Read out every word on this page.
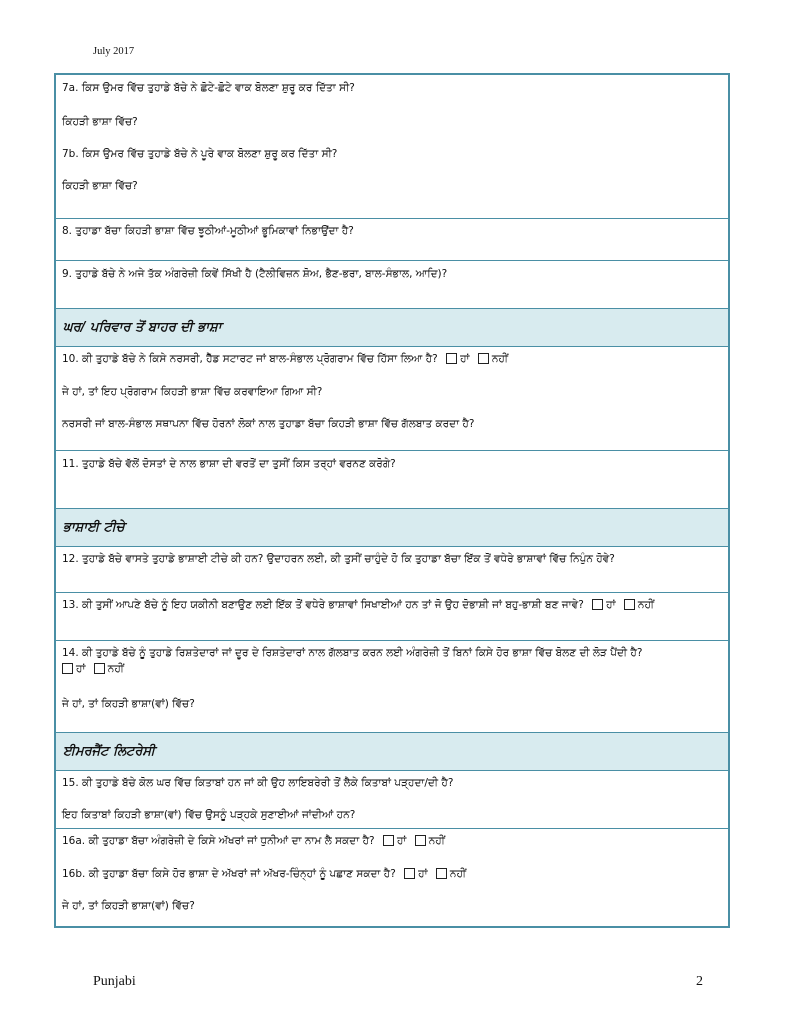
July 2017
7a. ਕਿਸ ਉਮਰ ਵਿੱਚ ਤੁਹਾਡੇ ਬੱਚੇ ਨੇ ਛੋਟੇ-ਛੋਟੇ ਵਾਕ ਬੋਲਣਾ ਸ਼ੁਰੂ ਕਰ ਦਿੱਤਾ ਸੀ?
ਕਿਹੜੀ ਭਾਸ਼ਾ ਵਿੱਚ?
7b. ਕਿਸ ਉਮਰ ਵਿੱਚ ਤੁਹਾਡੇ ਬੱਚੇ ਨੇ ਪੂਰੇ ਵਾਕ ਬੋਲਣਾ ਸ਼ੁਰੂ ਕਰ ਦਿੱਤਾ ਸੀ?
ਕਿਹੜੀ ਭਾਸ਼ਾ ਵਿੱਚ?
8. ਤੁਹਾਡਾ ਬੱਚਾ ਕਿਹੜੀ ਭਾਸ਼ਾ ਵਿੱਚ ਝੂਠੀਆਂ-ਮੂਠੀਆਂ ਭੂਮਿਕਾਵਾਂ ਨਿਭਾਉਂਦਾ ਹੈ?
9. ਤੁਹਾਡੇ ਬੱਚੇ ਨੇ ਅਜੇ ਤੱਕ ਅੰਗਰੇਜ਼ੀ ਕਿਵੇਂ ਸਿੱਖੀ ਹੈ (ਟੈਲੀਵਿਜ਼ਨ ਸ਼ੋਅ, ਭੈਣ-ਭਰਾ, ਬਾਲ-ਸੰਭਾਲ, ਆਦਿ)?
ਘਰ/ ਪਰਿਵਾਰ ਤੋਂ ਬਾਹਰ ਦੀ ਭਾਸ਼ਾ
10. ਕੀ ਤੁਹਾਡੇ ਬੱਚੇ ਨੇ ਕਿਸੇ ਨਰਸਰੀ, ਹੈੱਡ ਸਟਾਰਟ ਜਾਂ ਬਾਲ-ਸੰਭਾਲ ਪ੍ਰੋਗਰਾਮ ਵਿੱਚ ਹਿੱਸਾ ਲਿਆ ਹੈ? ਹਾਂ ਨਹੀਂ
ਜੇ ਹਾਂ, ਤਾਂ ਇਹ ਪ੍ਰੋਗਰਾਮ ਕਿਹੜੀ ਭਾਸ਼ਾ ਵਿੱਚ ਕਰਵਾਇਆ ਗਿਆ ਸੀ?
ਨਰਸਰੀ ਜਾਂ ਬਾਲ-ਸੰਭਾਲ ਸਥਾਪਨਾ ਵਿੱਚ ਹੋਰਨਾਂ ਲੋਕਾਂ ਨਾਲ ਤੁਹਾਡਾ ਬੱਚਾ ਕਿਹੜੀ ਭਾਸ਼ਾ ਵਿੱਚ ਗੱਲਬਾਤ ਕਰਦਾ ਹੈ?
11. ਤੁਹਾਡੇ ਬੱਚੇ ਵੱਲੋਂ ਦੋਸਤਾਂ ਦੇ ਨਾਲ ਭਾਸ਼ਾ ਦੀ ਵਰਤੋਂ ਦਾ ਤੁਸੀਂ ਕਿਸ ਤਰ੍ਹਾਂ ਵਰਨਣ ਕਰੋਗੇ?
ਭਾਸ਼ਾਈ ਟੀਚੇ
12. ਤੁਹਾਡੇ ਬੱਚੇ ਵਾਸਤੇ ਤੁਹਾਡੇ ਭਾਸ਼ਾਈ ਟੀਚੇ ਕੀ ਹਨ? ਉਦਾਹਰਨ ਲਈ, ਕੀ ਤੁਸੀਂ ਚਾਹੁੰਦੇ ਹੋ ਕਿ ਤੁਹਾਡਾ ਬੱਚਾ ਇੱਕ ਤੋਂ ਵਧੇਰੇ ਭਾਸ਼ਾਵਾਂ ਵਿੱਚ ਨਿਪੁੰਨ ਹੋਵੇ?
13. ਕੀ ਤੁਸੀਂ ਆਪਣੇ ਬੱਚੇ ਨੂੰ ਇਹ ਯਕੀਨੀ ਬਣਾਉਣ ਲਈ ਇੱਕ ਤੋਂ ਵਧੇਰੇ ਭਾਸ਼ਾਵਾਂ ਸਿਖਾਈਆਂ ਹਨ ਤਾਂ ਜੋ ਉਹ ਦੋਭਾਸ਼ੀ ਜਾਂ ਬਹੁ-ਭਾਸ਼ੀ ਬਣ ਜਾਵੇ? ਹਾਂ ਨਹੀਂ
14. ਕੀ ਤੁਹਾਡੇ ਬੱਚੇ ਨੂੰ ਤੁਹਾਡੇ ਰਿਸ਼ਤੇਦਾਰਾਂ ਜਾਂ ਦੂਰ ਦੇ ਰਿਸ਼ਤੇਦਾਰਾਂ ਨਾਲ ਗੱਲਬਾਤ ਕਰਨ ਲਈ ਅੰਗਰੇਜ਼ੀ ਤੋਂ ਬਿਨਾਂ ਕਿਸੇ ਹੋਰ ਭਾਸ਼ਾ ਵਿੱਚ ਬੋਲਣ ਦੀ ਲੋੜ ਪੈਂਦੀ ਹੈ?
ਹਾਂ ਨਹੀਂ
ਜੇ ਹਾਂ, ਤਾਂ ਕਿਹੜੀ ਭਾਸ਼ਾ(ਵਾਂ) ਵਿੱਚ?
ਈਮਰਜੈਂਟ ਲਿਟਰੇਸੀ
15. ਕੀ ਤੁਹਾਡੇ ਬੱਚੇ ਕੋਲ ਘਰ ਵਿੱਚ ਕਿਤਾਬਾਂ ਹਨ ਜਾਂ ਕੀ ਉਹ ਲਾਇਬਰੇਰੀ ਤੋਂ ਲੈਕੇ ਕਿਤਾਬਾਂ ਪੜ੍ਹਦਾ/ਦੀ ਹੈ?
ਇਹ ਕਿਤਾਬਾਂ ਕਿਹੜੀ ਭਾਸ਼ਾ(ਵਾਂ) ਵਿੱਚ ਉਸਨੂੰ ਪੜ੍ਹਕੇ ਸੁਣਾਈਆਂ ਜਾਂਦੀਆਂ ਹਨ?
16a. ਕੀ ਤੁਹਾਡਾ ਬੱਚਾ ਅੰਗਰੇਜ਼ੀ ਦੇ ਕਿਸੇ ਅੱਖਰਾਂ ਜਾਂ ਧੁਨੀਆਂ ਦਾ ਨਾਮ ਲੈ ਸਕਦਾ ਹੈ? ਹਾਂ ਨਹੀਂ
16b. ਕੀ ਤੁਹਾਡਾ ਬੱਚਾ ਕਿਸੇ ਹੋਰ ਭਾਸ਼ਾ ਦੇ ਅੱਖਰਾਂ ਜਾਂ ਅੱਖਰ-ਚਿੰਨ੍ਹਾਂ ਨੂੰ ਪਛਾਣ ਸਕਦਾ ਹੈ? ਹਾਂ ਨਹੀਂ
ਜੇ ਹਾਂ, ਤਾਂ ਕਿਹੜੀ ਭਾਸ਼ਾ(ਵਾਂ) ਵਿੱਚ?
Punjabi	2
